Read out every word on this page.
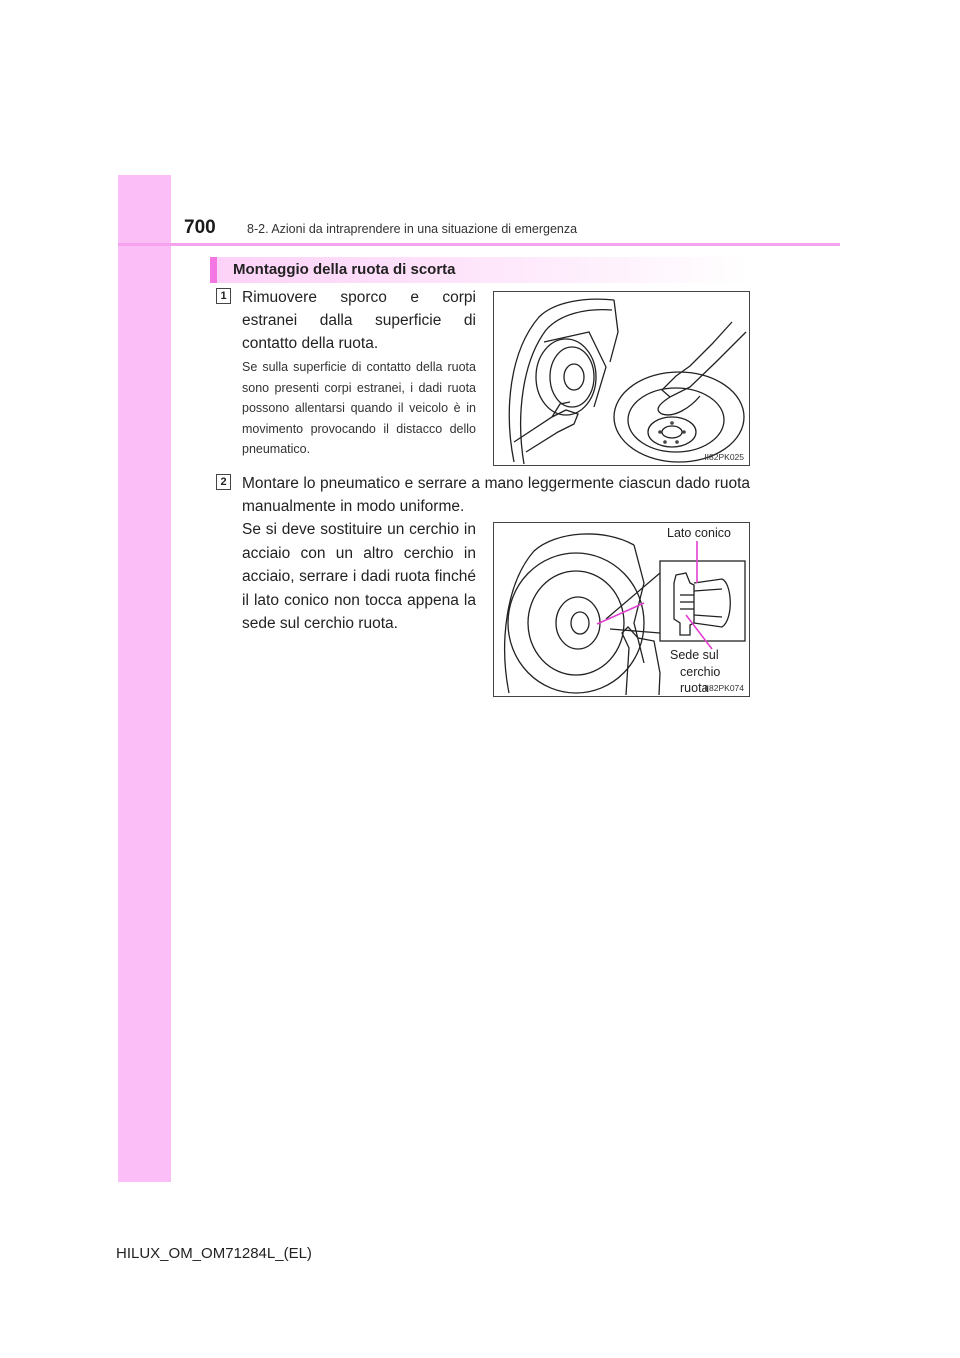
700	8-2. Azioni da intraprendere in una situazione di emergenza
Montaggio della ruota di scorta
1 Rimuovere sporco e corpi estranei dalla superficie di contatto della ruota.
Se sulla superficie di contatto della ruota sono presenti corpi estranei, i dadi ruota possono allentarsi quando il veicolo è in movimento provocando il distacco dello pneumatico.
II82PK025
2 Montare lo pneumatico e serrare a mano leggermente ciascun dado ruota manualmente in modo uniforme.
Se si deve sostituire un cerchio in acciaio con un altro cerchio in acciaio, serrare i dadi ruota finché il lato conico non tocca appena la sede sul cerchio ruota.
Lato conico
Sede sul
cerchio ruota
II82PK074
HILUX_OM_OM71284L_(EL)
